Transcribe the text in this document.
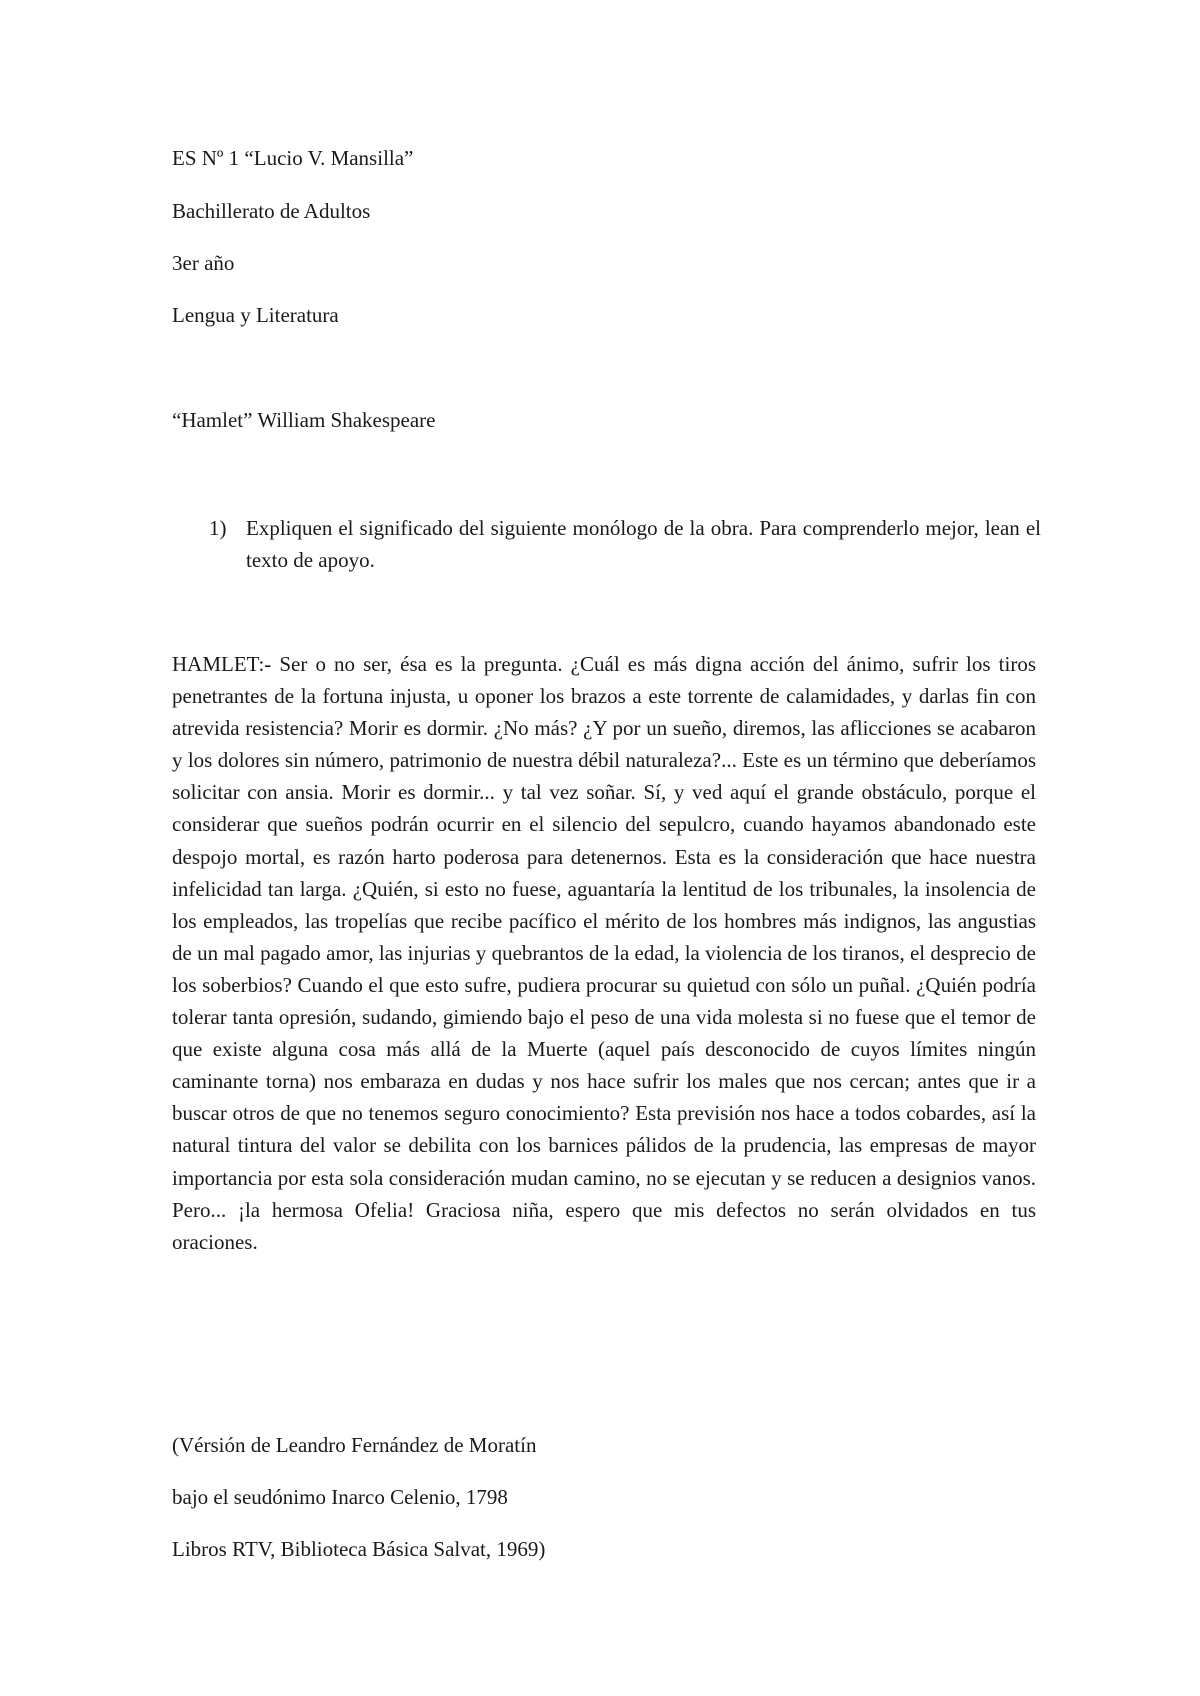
ES Nº 1 “Lucio V. Mansilla”
Bachillerato de Adultos
3er año
Lengua y Literatura
“Hamlet” William Shakespeare
1) Expliquen el significado del siguiente monólogo de la obra. Para comprenderlo mejor, lean el texto de apoyo.

HAMLET:- Ser o no ser, ésa es la pregunta. ¿Cuál es más digna acción del ánimo, sufrir los tiros penetrantes de la fortuna injusta, u oponer los brazos a este torrente de calamidades, y darlas fin con atrevida resistencia? Morir es dormir. ¿No más? ¿Y por un sueño, diremos, las aflicciones se acabaron y los dolores sin número, patrimonio de nuestra débil naturaleza?... Este es un término que deberíamos solicitar con ansia. Morir es dormir... y tal vez soñar. Sí, y ved aquí el grande obstáculo, porque el considerar que sueños podrán ocurrir en el silencio del sepulcro, cuando hayamos abandonado este despojo mortal, es razón harto poderosa para detenernos. Esta es la consideración que hace nuestra infelicidad tan larga. ¿Quién, si esto no fuese, aguantaría la lentitud de los tribunales, la insolencia de los empleados, las tropelías que recibe pacífico el mérito de los hombres más indignos, las angustias de un mal pagado amor, las injurias y quebrantos de la edad, la violencia de los tiranos, el desprecio de los soberbios? Cuando el que esto sufre, pudiera procurar su quietud con sólo un puñal. ¿Quién podría tolerar tanta opresión, sudando, gimiendo bajo el peso de una vida molesta si no fuese que el temor de que existe alguna cosa más allá de la Muerte (aquel país desconocido de cuyos límites ningún caminante torna) nos embaraza en dudas y nos hace sufrir los males que nos cercan; antes que ir a buscar otros de que no tenemos seguro conocimiento? Esta previsión nos hace a todos cobardes, así la natural tintura del valor se debilita con los barnices pálidos de la prudencia, las empresas de mayor importancia por esta sola consideración mudan camino, no se ejecutan y se reducen a designios vanos. Pero... ¡la hermosa Ofelia! Graciosa niña, espero que mis defectos no serán olvidados en tus oraciones.

(Vérsión de Leandro Fernández de Moratín
bajo el seudónimo Inarco Celenio, 1798
Libros RTV, Biblioteca Básica Salvat, 1969)
